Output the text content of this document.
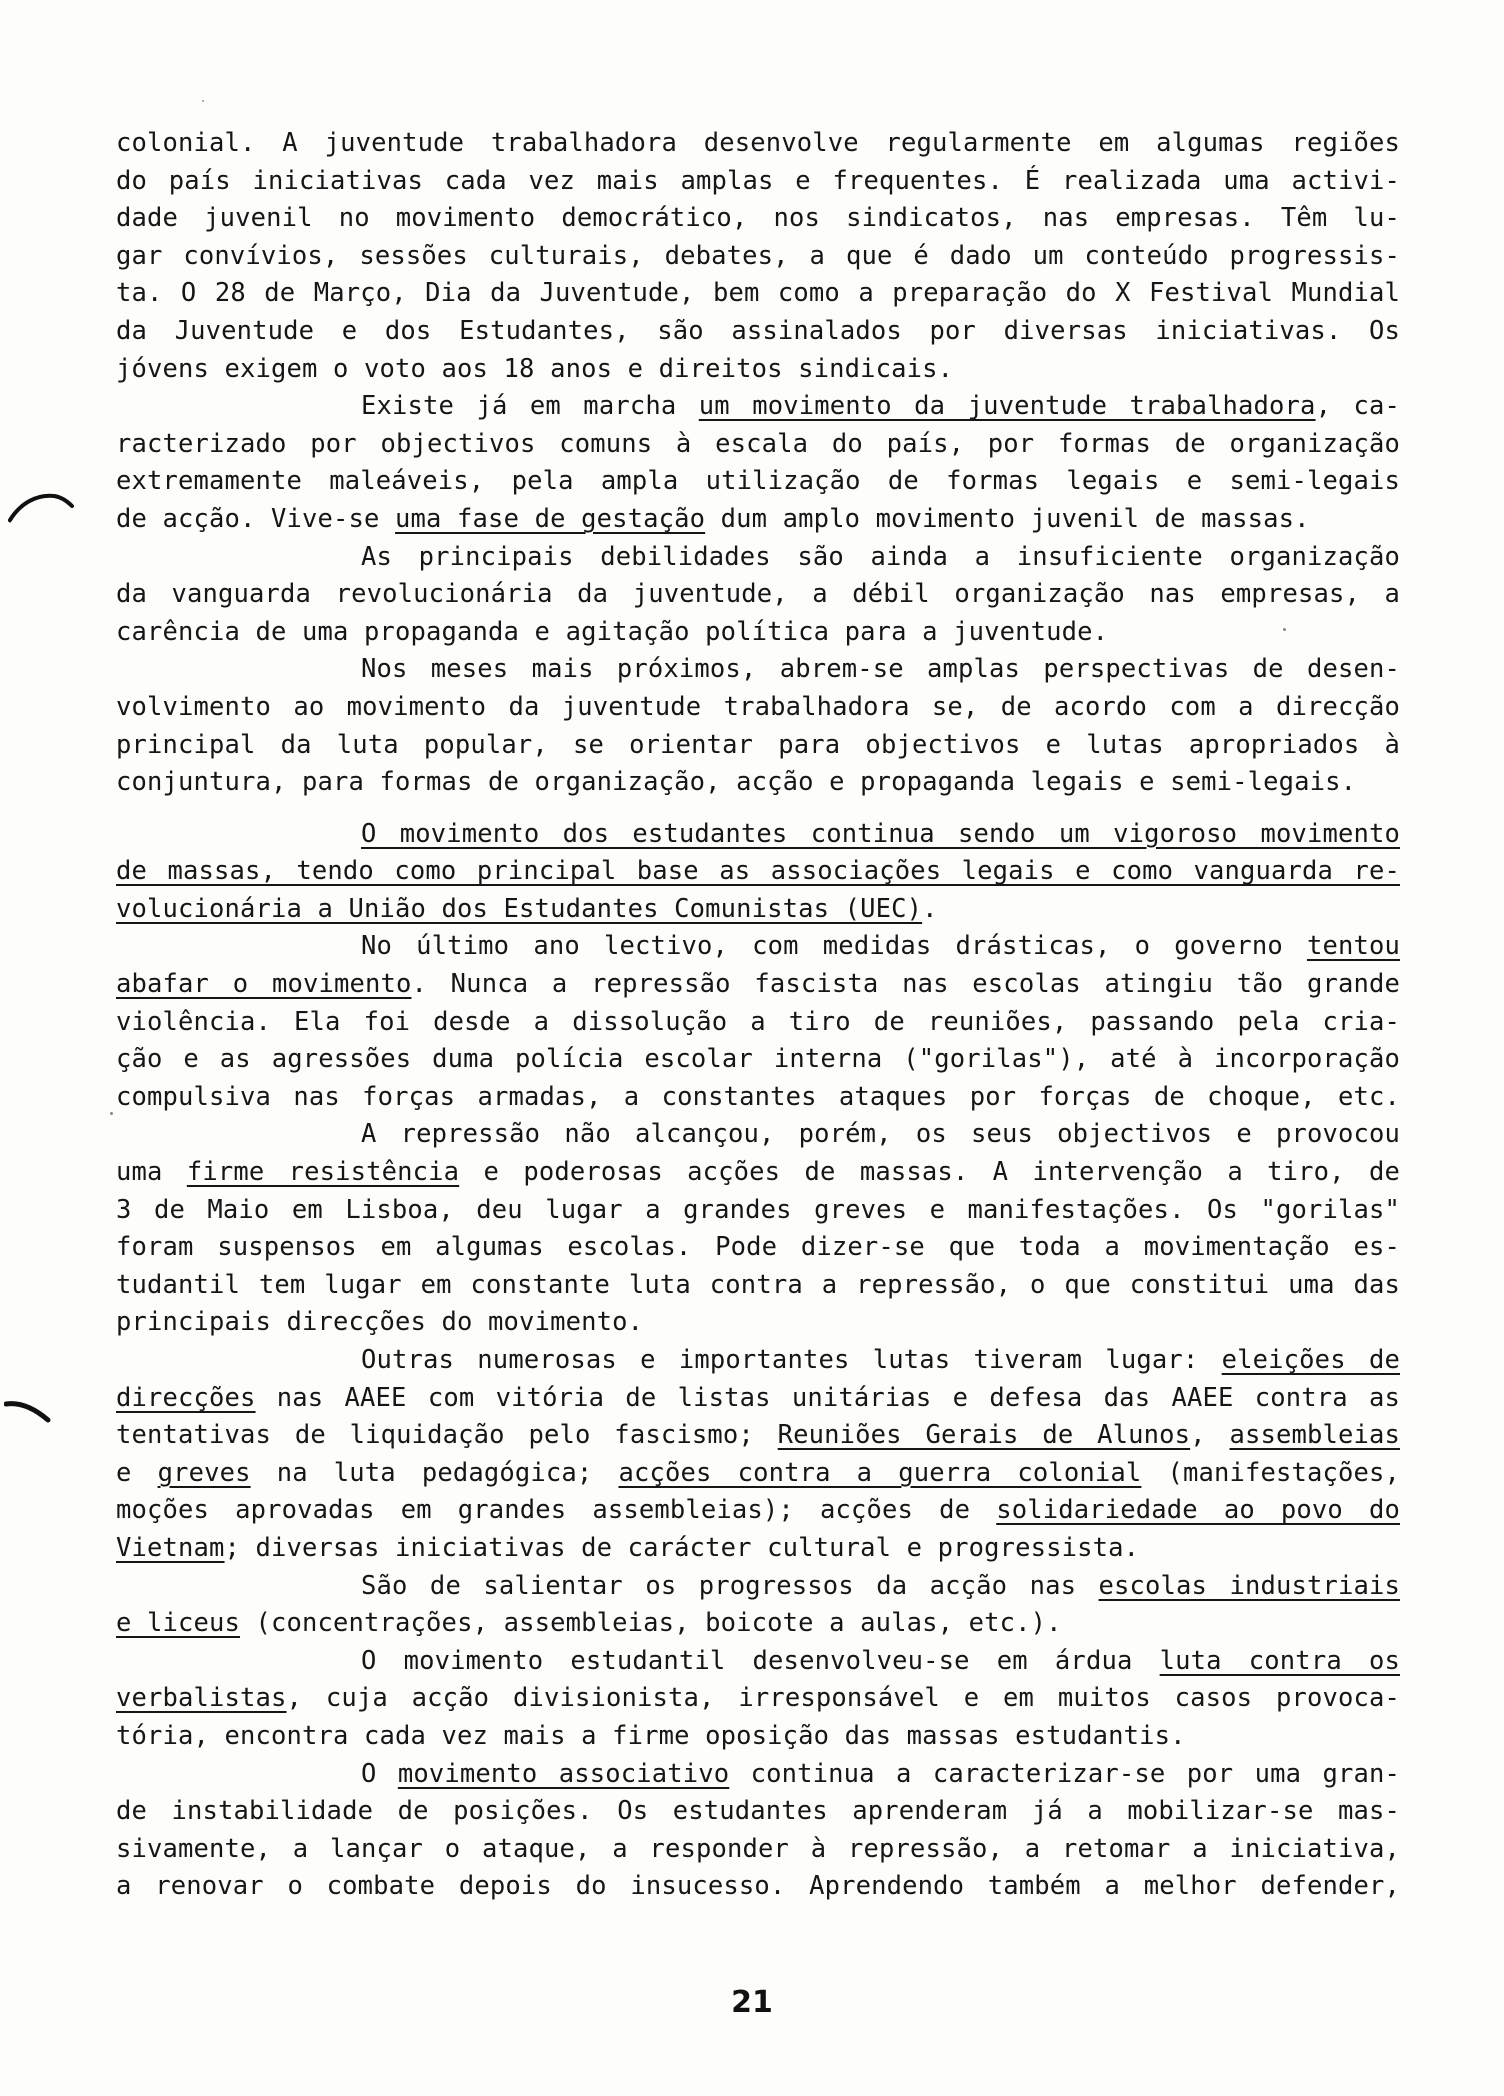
colonial. A juventude trabalhadora desenvolve regularmente em algumas regiões
do país iniciativas cada vez mais amplas e frequentes. É realizada uma activi-
dade juvenil no movimento democrático, nos sindicatos, nas empresas. Têm lu-
gar convívios, sessões culturais, debates, a que é dado um conteúdo progressis-
ta. O 28 de Março, Dia da Juventude, bem como a preparação do X Festival Mundial
da Juventude e dos Estudantes, são assinalados por diversas iniciativas. Os
jóvens exigem o voto aos 18 anos e direitos sindicais.
Existe já em marcha um movimento da juventude trabalhadora, ca-
racterizado por objectivos comuns à escala do país, por formas de organização
extremamente maleáveis, pela ampla utilização de formas legais e semi-legais
de acção. Vive-se uma fase de gestação dum amplo movimento juvenil de massas.
As principais debilidades são ainda a insuficiente organização
da vanguarda revolucionária da juventude, a débil organização nas empresas, a
carência de uma propaganda e agitação política para a juventude.
Nos meses mais próximos, abrem-se amplas perspectivas de desen-
volvimento ao movimento da juventude trabalhadora se, de acordo com a direcção
principal da luta popular, se orientar para objectivos e lutas apropriados à
conjuntura, para formas de organização, acção e propaganda legais e semi-legais.
O movimento dos estudantes continua sendo um vigoroso movimento
de massas, tendo como principal base as associações legais e como vanguarda re-
volucionária a União dos Estudantes Comunistas (UEC).
No último ano lectivo, com medidas drásticas, o governo tentou
abafar o movimento. Nunca a repressão fascista nas escolas atingiu tão grande
violência. Ela foi desde a dissolução a tiro de reuniões, passando pela cria-
ção e as agressões duma polícia escolar interna ("gorilas"), até à incorporação
compulsiva nas forças armadas, a constantes ataques por forças de choque, etc.
A repressão não alcançou, porém, os seus objectivos e provocou
uma firme resistência e poderosas acções de massas. A intervenção a tiro, de
3 de Maio em Lisboa, deu lugar a grandes greves e manifestações. Os "gorilas"
foram suspensos em algumas escolas. Pode dizer-se que toda a movimentação es-
tudantil tem lugar em constante luta contra a repressão, o que constitui uma das
principais direcções do movimento.
Outras numerosas e importantes lutas tiveram lugar: eleições de
direcções nas AAEE com vitória de listas unitárias e defesa das AAEE contra as
tentativas de liquidação pelo fascismo; Reuniões Gerais de Alunos, assembleias
e greves na luta pedagógica; acções contra a guerra colonial (manifestações,
moções aprovadas em grandes assembleias); acções de solidariedade ao povo do
Vietnam; diversas iniciativas de carácter cultural e progressista.
São de salientar os progressos da acção nas escolas industriais
e liceus (concentrações, assembleias, boicote a aulas, etc.).
O movimento estudantil desenvolveu-se em árdua luta contra os
verbalistas, cuja acção divisionista, irresponsável e em muitos casos provoca-
tória, encontra cada vez mais a firme oposição das massas estudantis.
O movimento associativo continua a caracterizar-se por uma gran-
de instabilidade de posições. Os estudantes aprenderam já a mobilizar-se mas-
sivamente, a lançar o ataque, a responder à repressão, a retomar a iniciativa,
a renovar o combate depois do insucesso. Aprendendo também a melhor defender,
21
